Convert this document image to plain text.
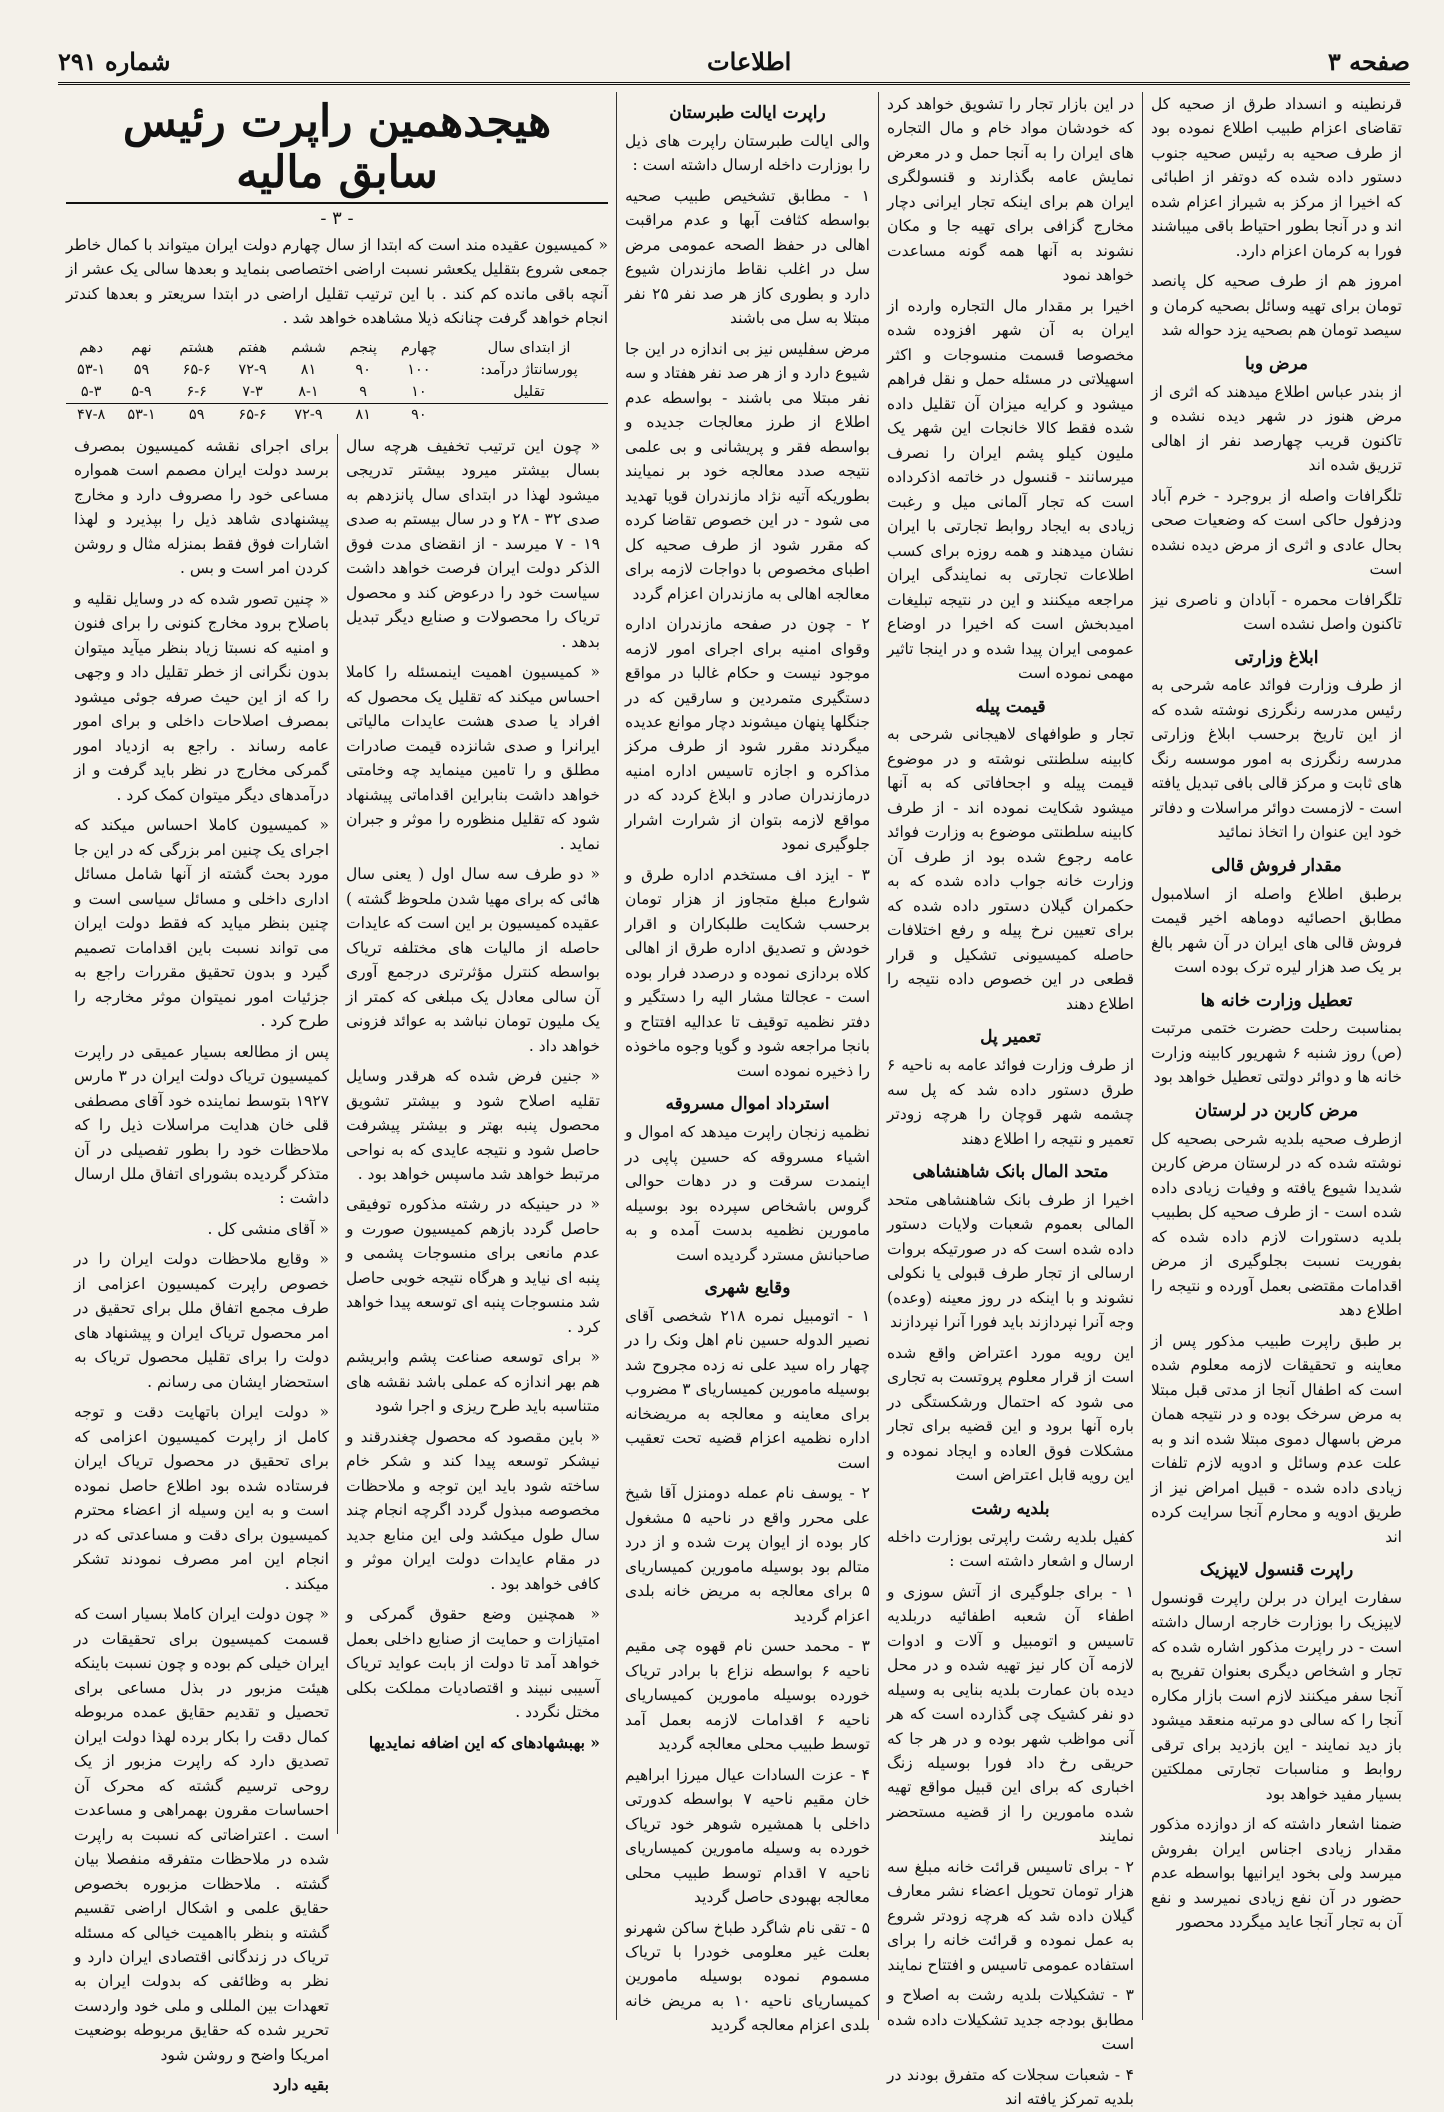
صفحه ۳
اطلاعات
شماره ۲۹۱

قرنطینه و انسداد طرق از صحیه کل تقاضای اعزام طبیب اطلاع نموده بود از طرف صحیه به رئیس صحیه جنوب دستور داده شده که دوتفر از اطبائی که اخیرا از مرکز به شیراز اعزام شده اند و در آنجا بطور احتیاط باقی میباشند فورا به کرمان اعزام دارد.

امروز هم از طرف صحیه کل پانصد تومان برای تهیه وسائل بصحیه کرمان و سیصد تومان هم بصحیه یزد حواله شد

مرض وبا

از بندر عباس اطلاع میدهند که اثری از مرض هنوز در شهر دیده نشده و تاکنون قریب چهارصد نفر از اهالی تزریق شده اند

تلگرافات واصله از بروجرد - خرم آباد ودزفول حاکی است که وضعیات صحی بحال عادی و اثری از مرض دیده نشده است

تلگرافات محمره - آبادان و ناصری نیز تاکنون واصل نشده است

ابلاغ وزارتی

از طرف وزارت فوائد عامه شرحی به رئیس مدرسه رنگرزی نوشته شده که از این تاریخ برحسب ابلاغ وزارتی مدرسه رنگرزی به امور موسسه رنگ های ثابت و مرکز قالی بافی تبدیل یافته است - لازمست دوائر مراسلات و دفاتر خود این عنوان را اتخاذ نمائید

مقدار فروش قالی

برطبق اطلاع واصله از اسلامبول مطابق احصائیه دوماهه اخیر قیمت فروش قالی های ایران در آن شهر بالغ بر یک صد هزار لیره ترک بوده است

تعطیل وزارت خانه ها

بمناسبت رحلت حضرت ختمی مرتبت (ص) روز شنبه ۶ شهریور کابینه وزارت خانه ها و دوائر دولتی تعطیل خواهد بود

مرض کاربن در لرستان

ازطرف صحیه بلدیه شرحی بصحیه کل نوشته شده که در لرستان مرض کاربن شدیدا شیوع یافته و وفیات زیادی داده شده است - از طرف صحیه کل بطبیب بلدیه دستورات لازم داده شده که بفوریت نسبت بجلوگیری از مرض اقدامات مقتضی بعمل آورده و نتیجه را اطلاع دهد

بر طبق راپرت طبیب مذکور پس از معاینه و تحقیقات لازمه معلوم شده است که اطفال آنجا از مدتی قبل مبتلا به مرض سرخک بوده و در نتیجه همان مرض باسهال دموی مبتلا شده اند و به علت عدم وسائل و ادویه لازم تلفات زیادی داده شده - قبیل امراض نیز از طریق ادویه و محارم آنجا سرایت کرده اند

راپرت قنسول لایپزیک

سفارت ایران در برلن راپرت قونسول لایپزیک را بوزارت خارجه ارسال داشته است - در راپرت مذکور اشاره شده که تجار و اشخاص دیگری بعنوان تفریح به آنجا سفر میکنند لازم است بازار مکاره آنجا را که سالی دو مرتبه منعقد میشود باز دید نمایند - این بازدید برای ترقی روابط و مناسبات تجارتی مملکتین بسیار مفید خواهد بود

ضمنا اشعار داشته که از دوازده مذکور مقدار زیادی اجناس ایران بفروش میرسد ولی بخود ایرانیها بواسطه عدم حضور در آن نفع زیادی نمیرسد و نفع آن به تجار آنجا عاید میگردد محصور

در این بازار تجار را تشویق خواهد کرد که خودشان مواد خام و مال التجاره های ایران را به آنجا حمل و در معرض نمایش عامه بگذارند و قنسولگری ایران هم برای اینکه تجار ایرانی دچار مخارج گزافی برای تهیه جا و مکان نشوند به آنها همه گونه مساعدت خواهد نمود

اخیرا بر مقدار مال التجاره وارده از ایران به آن شهر افزوده شده مخصوصا قسمت منسوجات و اکثر اسهیلاتی در مسئله حمل و نقل فراهم میشود و کرایه میزان آن تقلیل داده شده فقط کالا خانجات این شهر یک ملیون کیلو پشم ایران را نصرف میرسانند - قنسول در خاتمه اذکرداده است که تجار آلمانی میل و رغبت زیادی به ایجاد روابط تجارتی با ایران نشان میدهند و همه روزه برای کسب اطلاعات تجارتی به نمایندگی ایران مراجعه میکنند و این در نتیجه تبلیغات امیدبخش است که اخیرا در اوضاع عمومی ایران پیدا شده و در اینجا تاثیر مهمی نموده است

قیمت پیله

تجار و طوافهای لاهیجانی شرحی به کابینه سلطنتی نوشته و در موضوع قیمت پیله و اجحافاتی که به آنها میشود شکایت نموده اند - از طرف کابینه سلطنتی موضوع به وزارت فوائد عامه رجوع شده بود از طرف آن وزارت خانه جواب داده شده که به حکمران گیلان دستور داده شده که برای تعیین نرخ پیله و رفع اختلافات حاصله کمیسیونی تشکیل و قرار قطعی در این خصوص داده نتیجه را اطلاع دهند

تعمیر پل

از طرف وزارت فوائد عامه به ناحیه ۶ طرق دستور داده شد که پل سه چشمه شهر قوچان را هرچه زودتر تعمیر و نتیجه را اطلاع دهند

متحد المال بانک شاهنشاهی

اخیرا از طرف بانک شاهنشاهی متحد المالی بعموم شعبات ولایات دستور داده شده است که در صورتیکه بروات ارسالی از تجار طرف قبولی یا نکولی نشوند و با اینکه در روز معینه (وعده) وجه آنرا نپردازند باید فورا آنرا نپردازند

این رویه مورد اعتراض واقع شده است از قرار معلوم پروتست به تجاری می شود که احتمال ورشکستگی در باره آنها برود و این قضیه برای تجار مشکلات فوق العاده و ایجاد نموده و این رویه قابل اعتراض است

بلدیه رشت

کفیل بلدیه رشت راپرتی بوزارت داخله ارسال و اشعار داشته است :

۱ - برای جلوگیری از آتش سوزی و اطفاء آن شعبه اطفائیه دربلدیه تاسیس و اتومبیل و آلات و ادوات لازمه آن کار نیز تهیه شده و در محل دیده بان عمارت بلدیه بنایی به وسیله دو نفر کشیک چی گذارده است که هر آنی مواظب شهر بوده و در هر جا که حریقی رخ داد فورا بوسیله زنگ اخباری که برای این قبیل مواقع تهیه شده مامورین را از قضیه مستحضر نمایند

۲ - برای تاسیس قرائت خانه مبلغ سه هزار تومان تحویل اعضاء نشر معارف گیلان داده شد که هرچه زودتر شروع به عمل نموده و قرائت خانه را برای استفاده عمومی تاسیس و افتتاح نمایند

۳ - تشکیلات بلدیه رشت به اصلاح و مطابق بودجه جدید تشکیلات داده شده است

۴ - شعبات سجلات که متفرق بودند در بلدیه تمرکز یافته اند

راپرت ایالت طبرستان

والی ایالت طبرستان راپرت های ذیل را بوزارت داخله ارسال داشته است :

۱ - مطابق تشخیص طبیب صحیه بواسطه کثافت آبها و عدم مراقبت اهالی در حفظ الصحه عمومی مرض سل در اغلب نقاط مازندران شیوع دارد و بطوری کاز هر صد نفر ۲۵ نفر مبتلا به سل می باشند

مرض سفلیس نیز بی اندازه در این جا شیوع دارد و از هر صد نفر هفتاد و سه نفر مبتلا می باشند - بواسطه عدم اطلاع از طرز معالجات جدیده و بواسطه فقر و پریشانی و بی علمی نتیجه صدد معالجه خود بر نمیایند بطوریکه آتیه نژاد مازندران قویا تهدید می شود - در این خصوص تقاضا کرده که مقرر شود از طرف صحیه کل اطبای مخصوص با دواجات لازمه برای معالجه اهالی به مازندران اعزام گردد

۲ - چون در صفحه مازندران اداره وقوای امنیه برای اجرای امور لازمه موجود نیست و حکام غالبا در مواقع دستگیری متمردین و سارقین که در جنگلها پنهان میشوند دچار موانع عدیده میگردند مقرر شود از طرف مرکز مذاکره و اجازه تاسیس اداره امنیه درمازندران صادر و ابلاغ کردد که در مواقع لازمه بتوان از شرارت اشرار جلوگیری نمود

۳ - ایزد اف مستخدم اداره طرق و شوارع مبلغ متجاوز از هزار تومان برحسب شکایت طلبکاران و اقرار خودش و تصدیق اداره طرق از اهالی کلاه بردازی نموده و درصدد فرار بوده است - عجالتا مشار الیه را دستگیر و دفتر نظمیه توقیف تا عدالیه افتتاح و بانجا مراجعه شود و گویا وجوه ماخوذه را ذخیره نموده است

استرداد اموال مسروقه

نظمیه زنجان راپرت میدهد که اموال و اشیاء مسروقه که حسین پاپی در اینمدت سرقت و در دهات حوالی گروس باشخاص سپرده بود بوسیله مامورین نظمیه بدست آمده و به صاحبانش مسترد گردیده است

وقایع شهری

۱ - اتومبیل نمره ۲۱۸ شخصی آقای نصیر الدوله حسین نام اهل ونک را در چهار راه سید علی نه زده مجروح شد بوسیله مامورین کمیساریای ۳ مضروب برای معاینه و معالجه به مریضخانه اداره نظمیه اعزام قضیه تحت تعقیب است

۲ - یوسف نام عمله دومنزل آقا شیخ علی محرر واقع در ناحیه ۵ مشغول کار بوده از ایوان پرت شده و از درد متالم بود بوسیله مامورین کمیساریای ۵ برای معالجه به مریض خانه بلدی اعزام گردید

۳ - محمد حسن نام قهوه چی مقیم ناحیه ۶ بواسطه نزاع با برادر تریاک خورده بوسیله مامورین کمیساریای ناحیه ۶ اقدامات لازمه بعمل آمد توسط طبیب محلی معالجه گردید

۴ - عزت السادات عیال میرزا ابراهیم خان مقیم ناحیه ۷ بواسطه کدورتی داخلی با همشیره شوهر خود تریاک خورده به وسیله مامورین کمیساریای ناحیه ۷ اقدام توسط طبیب محلی معالجه بهبودی حاصل گردید

۵ - تقی نام شاگرد طباخ ساکن شهرنو بعلت غیر معلومی خودرا با تریاک مسموم نموده بوسیله مامورین کمیساریای ناحیه ۱۰ به مریض خانه بلدی اعزام معالجه گردید

هیجدهمین راپرت رئیس سابق مالیه
- ۳ -
« کمیسیون عقیده مند است که ابتدا از سال چهارم دولت ایران میتواند با کمال خاطر جمعی شروع بتقلیل یکعشر نسبت اراضی اختصاصی بنماید و بعدها سالی یک عشر از آنچه باقی مانده کم کند . با این ترتیب تقلیل اراضی در ابتدا سریعتر و بعدها کندتر انجام خواهد گرفت چنانکه ذیلا مشاهده خواهد شد .
از ابتدای سال	چهارم	پنجم	ششم	هفتم	هشتم	نهم	دهم
پورسانتاژ درآمد:	۱۰۰	۹۰	۸۱	۷۲-۹	۶۵-۶	۵۹	۵۳-۱
تقلیل	۱۰	۹	۸-۱	۷-۳	۶-۶	۵-۹	۵-۳
	۹۰	۸۱	۷۲-۹	۶۵-۶	۵۹	۵۳-۱	۴۷-۸

« چون این ترتیب تخفیف هرچه سال بسال بیشتر میرود بیشتر تدریجی میشود لهذا در ابتدای سال پانزدهم به صدی ۳۲ - ۲۸ و در سال بیستم به صدی ۱۹ - ۷ میرسد - از انقضای مدت فوق الذکر دولت ایران فرصت خواهد داشت سیاست خود را درعوض کند و محصول تریاک را محصولات و صنایع دیگر تبدیل بدهد .

« کمیسیون اهمیت اینمسئله را کاملا احساس میکند که تقلیل یک محصول که افراد یا صدی هشت عایدات مالیاتی ایرانرا و صدی شانزده قیمت صادرات مطلق و را تامین مینماید چه وخامتی خواهد داشت بنابراین اقداماتی پیشنهاد شود که تقلیل منظوره را موثر و جبران نماید .

« دو طرف سه سال اول ( یعنی سال هائی که برای مهیا شدن ملحوظ گشته ) عقیده کمیسیون بر این است که عایدات حاصله از مالیات های مختلفه تریاک بواسطه کنترل مؤثرتری درجمع آوری آن سالی معادل یک مبلغی که کمتر از یک ملیون تومان نباشد به عوائد فزونی خواهد داد .

« جنین فرض شده که هرقدر وسایل تقلیه اصلاح شود و بیشتر تشویق محصول پنبه بهتر و بیشتر پیشرفت حاصل شود و نتیجه عایدی که به نواحی مرتبط خواهد شد ماسپس خواهد بود .

« در حینیکه در رشته مذکوره توفیقی حاصل گردد بازهم کمیسیون صورت و عدم مانعی برای منسوجات پشمی و پنبه ای نیاید و هرگاه نتیجه خوبی حاصل شد منسوجات پنبه ای توسعه پیدا خواهد کرد .

« برای توسعه صناعت پشم وابریشم هم بهر اندازه که عملی باشد نقشه های متناسبه باید طرح ریزی و اجرا شود

« باین مقصود که محصول چغندرقند و نیشکر توسعه پیدا کند و شکر خام ساخته شود باید این توجه و ملاحظات مخصوصه مبذول گردد اگرچه انجام چند سال طول میکشد ولی این منابع جدید در مقام عایدات دولت ایران موثر و کافی خواهد بود .

« همچنین وضع حقوق گمرکی و امتیازات و حمایت از صنایع داخلی بعمل خواهد آمد تا دولت از بابت عواید تریاک آسیبی نبیند و اقتصادیات مملکت بکلی مختل نگردد .

« بهبشهادهای که این اضافه نمایدیها

برای اجرای نقشه کمیسیون بمصرف برسد دولت ایران مصمم است همواره مساعی خود را مصروف دارد و مخارج پیشنهادی شاهد ذیل را بپذیرد و لهذا اشارات فوق فقط بمنزله مثال و روشن کردن امر است و بس .

« چنین تصور شده که در وسایل نقلیه و باصلاح برود مخارج کنونی را برای فنون و امنیه که نسبتا زیاد بنظر میآید میتوان بدون نگرانی از خطر تقلیل داد و وجهی را که از این حیث صرفه جوئی میشود بمصرف اصلاحات داخلی و برای امور عامه رساند . راجع به ازدیاد امور گمرکی مخارج در نظر باید گرفت و از درآمدهای دیگر میتوان کمک کرد .

« کمیسیون کاملا احساس میکند که اجرای یک چنین امر بزرگی که در این جا مورد بحث گشته از آنها شامل مسائل اداری داخلی و مسائل سیاسی است و چنین بنظر میاید که فقط دولت ایران می تواند نسبت باین اقدامات تصمیم گیرد و بدون تحقیق مقررات راجع به جزئیات امور نمیتوان موثر مخارجه را طرح کرد .

پس از مطالعه بسیار عمیقی در راپرت کمیسیون تریاک دولت ایران در ۳ مارس ۱۹۲۷ بتوسط نماینده خود آقای مصطفی قلی خان هدایت مراسلات ذیل را که ملاحظات خود را بطور تفصیلی در آن متذکر گردیده بشورای اتفاق ملل ارسال داشت :

« آقای منشی کل .

« وقایع ملاحظات دولت ایران را در خصوص راپرت کمیسیون اعزامی از طرف مجمع اتفاق ملل برای تحقیق در امر محصول تریاک ایران و پیشنهاد های دولت را برای تقلیل محصول تریاک به استحضار ایشان می رسانم .

« دولت ایران باتهایت دقت و توجه کامل از راپرت کمیسیون اعزامی که برای تحقیق در محصول تریاک ایران فرستاده شده بود اطلاع حاصل نموده است و به این وسیله از اعضاء محترم کمیسیون برای دقت و مساعدتی که در انجام این امر مصرف نمودند تشکر میکند .

« چون دولت ایران کاملا بسیار است که قسمت کمیسیون برای تحقیقات در ایران خیلی کم بوده و چون نسبت باینکه هیئت مزبور در بذل مساعی برای تحصیل و تقدیم حقایق عمده مربوطه کمال دقت را بکار برده لهذا دولت ایران تصدیق دارد که راپرت مزبور از یک روحی ترسیم گشته که محرک آن احساسات مقرون بهمراهی و مساعدت است . اعتراضاتی که نسبت به راپرت شده در ملاحظات متفرقه منفصلا بیان گشته . ملاحظات مزبوره بخصوص حقایق علمی و اشکال اراضی تقسیم گشته و بنظر بااهمیت خیالی که مسئله تریاک در زندگانی اقتصادی ایران دارد و نظر به وظائفی که بدولت ایران به تعهدات بین المللی و ملی خود واردست تحریر شده که حقایق مربوطه بوضعیت امریکا واضح و روشن شود

بقیه دارد
